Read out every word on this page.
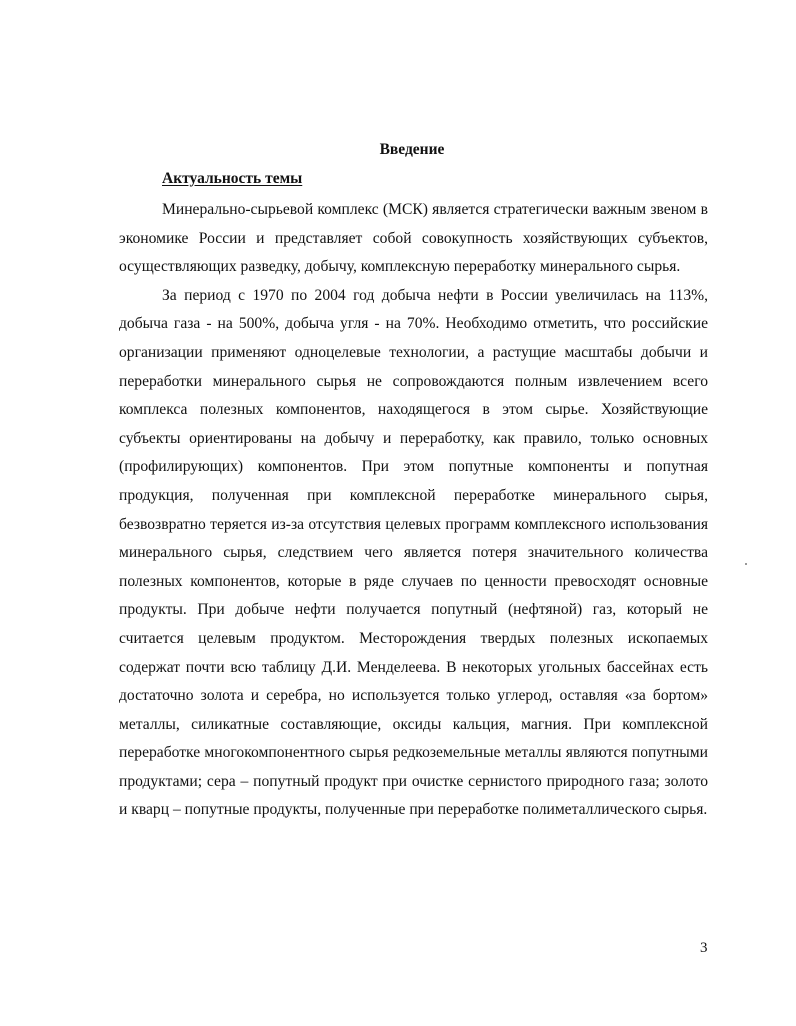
Введение
Актуальность темы

Минерально-сырьевой комплекс (МСК) является стратегически важным звеном в экономике России и представляет собой совокупность хозяйствующих субъектов, осуществляющих разведку, добычу, комплексную переработку минерального сырья.

За период с 1970 по 2004 год добыча нефти в России увеличилась на 113%, добыча газа - на 500%, добыча угля - на 70%. Необходимо отметить, что российские организации применяют одноцелевые технологии, а растущие масштабы добычи и переработки минерального сырья не сопровождаются полным извлечением всего комплекса полезных компонентов, находящегося в этом сырье. Хозяйствующие субъекты ориентированы на добычу и переработку, как правило, только основных (профилирующих) компонентов. При этом попутные компоненты и попутная продукция, полученная при комплексной переработке минерального сырья, безвозвратно теряется из-за отсутствия целевых программ комплексного использования минерального сырья, следствием чего является потеря значительного количества полезных компонентов, которые в ряде случаев по ценности превосходят основные продукты. При добыче нефти получается попутный (нефтяной) газ, который не считается целевым продуктом. Месторождения твердых полезных ископаемых содержат почти всю таблицу Д.И. Менделеева. В некоторых угольных бассейнах есть достаточно золота и серебра, но используется только углерод, оставляя «за бортом» металлы, силикатные составляющие, оксиды кальция, магния. При комплексной переработке многокомпонентного сырья редкоземельные металлы являются попутными продуктами; сера – попутный продукт при очистке сернистого природного газа; золото и кварц – попутные продукты, полученные при переработке полиметаллического сырья.

3
